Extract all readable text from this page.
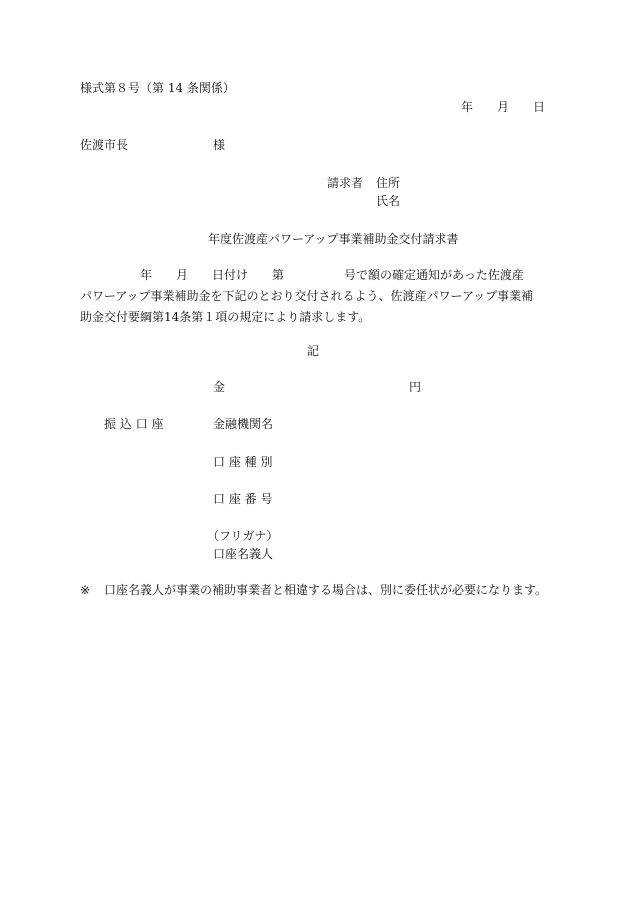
様式第８号（第 14 条関係）
年　　月　　日
佐渡市長	様
請求者 住所
氏名
年度佐渡産パワーアップ事業補助金交付請求書
　　　　　年　　月　　日付け　　第　　　　　号で額の確定通知があった佐渡産
パワーアップ事業補助金を下記のとおり交付されるよう、佐渡産パワーアップ事業補
助金交付要綱第14条第１項の規定により請求します。
記
金	円
振 込 口 座	金融機関名
口 座 種 別
口 座 番 号
（フリガナ）
口座名義人
※ 口座名義人が事業の補助事業者と相違する場合は、別に委任状が必要になります。
